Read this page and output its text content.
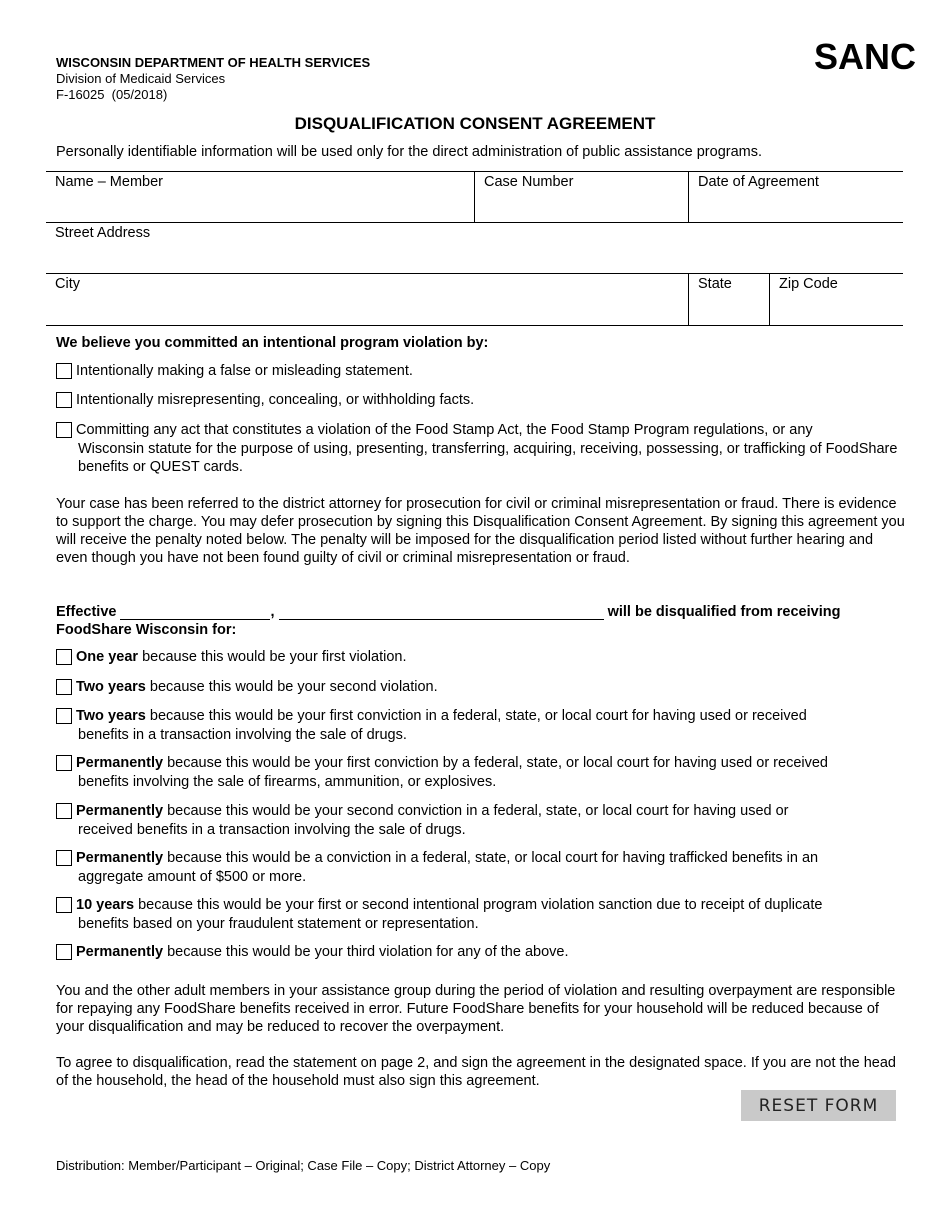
WISCONSIN DEPARTMENT OF HEALTH SERVICES
Division of Medicaid Services
F-16025  (05/2018)
SANC
DISQUALIFICATION CONSENT AGREEMENT
Personally identifiable information will be used only for the direct administration of public assistance programs.
Name – Member	Case Number	Date of Agreement
Street Address
City	State	Zip Code
We believe you committed an intentional program violation by:
Intentionally making a false or misleading statement.
Intentionally misrepresenting, concealing, or withholding facts.
Committing any act that constitutes a violation of the Food Stamp Act, the Food Stamp Program regulations, or any
Wisconsin statute for the purpose of using, presenting, transferring, acquiring, receiving, possessing, or trafficking of FoodShare benefits or QUEST cards.
Your case has been referred to the district attorney for prosecution for civil or criminal misrepresentation or fraud. There is evidence to support the charge. You may defer prosecution by signing this Disqualification Consent Agreement. By signing this agreement you will receive the penalty noted below. The penalty will be imposed for the disqualification period listed without further hearing and even though you have not been found guilty of civil or criminal misrepresentation or fraud.
Effective	,	will be disqualified from receiving
FoodShare Wisconsin for:
One year because this would be your first violation.
Two years because this would be your second violation.
Two years because this would be your first conviction in a federal, state, or local court for having used or received
benefits in a transaction involving the sale of drugs.
Permanently because this would be your first conviction by a federal, state, or local court for having used or received
benefits involving the sale of firearms, ammunition, or explosives.
Permanently because this would be your second conviction in a federal, state, or local court for having used or
received benefits in a transaction involving the sale of drugs.
Permanently because this would be a conviction in a federal, state, or local court for having trafficked benefits in an
aggregate amount of $500 or more.
10 years because this would be your first or second intentional program violation sanction due to receipt of duplicate
benefits based on your fraudulent statement or representation.
Permanently because this would be your third violation for any of the above.
You and the other adult members in your assistance group during the period of violation and resulting overpayment are responsible for repaying any FoodShare benefits received in error. Future FoodShare benefits for your household will be reduced because of your disqualification and may be reduced to recover the overpayment.
To agree to disqualification, read the statement on page 2, and sign the agreement in the designated space. If you are not the head of the household, the head of the household must also sign this agreement.
RESET FORM
Distribution: Member/Participant – Original; Case File – Copy; District Attorney – Copy
